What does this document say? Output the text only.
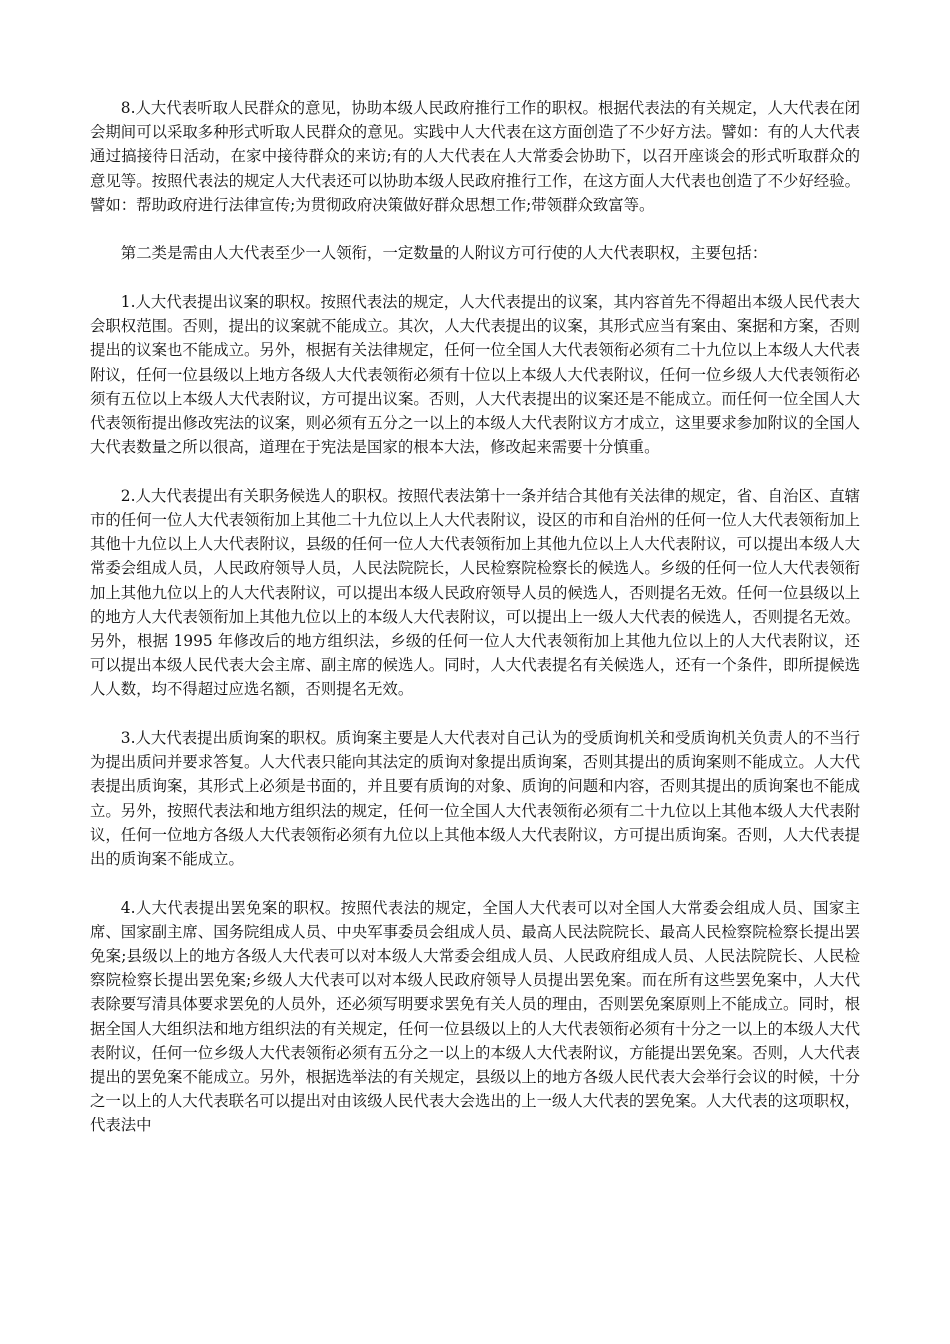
8.人大代表听取人民群众的意见，协助本级人民政府推行工作的职权。根据代表法的有关规定，人大代表在闭会期间可以采取多种形式听取人民群众的意见。实践中人大代表在这方面创造了不少好方法。譬如：有的人大代表通过搞接待日活动，在家中接待群众的来访;有的人大代表在人大常委会协助下，以召开座谈会的形式听取群众的意见等。按照代表法的规定人大代表还可以协助本级人民政府推行工作，在这方面人大代表也创造了不少好经验。譬如：帮助政府进行法律宣传;为贯彻政府决策做好群众思想工作;带领群众致富等。

第二类是需由人大代表至少一人领衔，一定数量的人附议方可行使的人大代表职权，主要包括：

1.人大代表提出议案的职权。按照代表法的规定，人大代表提出的议案，其内容首先不得超出本级人民代表大会职权范围。否则，提出的议案就不能成立。其次，人大代表提出的议案，其形式应当有案由、案据和方案，否则提出的议案也不能成立。另外，根据有关法律规定，任何一位全国人大代表领衔必须有二十九位以上本级人大代表附议，任何一位县级以上地方各级人大代表领衔必须有十位以上本级人大代表附议，任何一位乡级人大代表领衔必须有五位以上本级人大代表附议，方可提出议案。否则，人大代表提出的议案还是不能成立。而任何一位全国人大代表领衔提出修改宪法的议案，则必须有五分之一以上的本级人大代表附议方才成立，这里要求参加附议的全国人大代表数量之所以很高，道理在于宪法是国家的根本大法，修改起来需要十分慎重。

2.人大代表提出有关职务候选人的职权。按照代表法第十一条并结合其他有关法律的规定，省、自治区、直辖市的任何一位人大代表领衔加上其他二十九位以上人大代表附议，设区的市和自治州的任何一位人大代表领衔加上其他十九位以上人大代表附议，县级的任何一位人大代表领衔加上其他九位以上人大代表附议，可以提出本级人大常委会组成人员，人民政府领导人员，人民法院院长，人民检察院检察长的候选人。乡级的任何一位人大代表领衔加上其他九位以上的人大代表附议，可以提出本级人民政府领导人员的候选人，否则提名无效。任何一位县级以上的地方人大代表领衔加上其他九位以上的本级人大代表附议，可以提出上一级人大代表的候选人，否则提名无效。另外，根据 1995 年修改后的地方组织法，乡级的任何一位人大代表领衔加上其他九位以上的人大代表附议，还可以提出本级人民代表大会主席、副主席的候选人。同时，人大代表提名有关候选人，还有一个条件，即所提候选人人数，均不得超过应选名额，否则提名无效。

3.人大代表提出质询案的职权。质询案主要是人大代表对自己认为的受质询机关和受质询机关负责人的不当行为提出质问并要求答复。人大代表只能向其法定的质询对象提出质询案，否则其提出的质询案则不能成立。人大代表提出质询案，其形式上必须是书面的，并且要有质询的对象、质询的问题和内容，否则其提出的质询案也不能成立。另外，按照代表法和地方组织法的规定，任何一位全国人大代表领衔必须有二十九位以上其他本级人大代表附议，任何一位地方各级人大代表领衔必须有九位以上其他本级人大代表附议，方可提出质询案。否则，人大代表提出的质询案不能成立。

4.人大代表提出罢免案的职权。按照代表法的规定，全国人大代表可以对全国人大常委会组成人员、国家主席、国家副主席、国务院组成人员、中央军事委员会组成人员、最高人民法院院长、最高人民检察院检察长提出罢免案;县级以上的地方各级人大代表可以对本级人大常委会组成人员、人民政府组成人员、人民法院院长、人民检察院检察长提出罢免案;乡级人大代表可以对本级人民政府领导人员提出罢免案。而在所有这些罢免案中，人大代表除要写清具体要求罢免的人员外，还必须写明要求罢免有关人员的理由，否则罢免案原则上不能成立。同时，根据全国人大组织法和地方组织法的有关规定，任何一位县级以上的人大代表领衔必须有十分之一以上的本级人大代表附议，任何一位乡级人大代表领衔必须有五分之一以上的本级人大代表附议，方能提出罢免案。否则，人大代表提出的罢免案不能成立。另外，根据选举法的有关规定，县级以上的地方各级人民代表大会举行会议的时候，十分之一以上的人大代表联名可以提出对由该级人民代表大会选出的上一级人大代表的罢免案。人大代表的这项职权，代表法中
